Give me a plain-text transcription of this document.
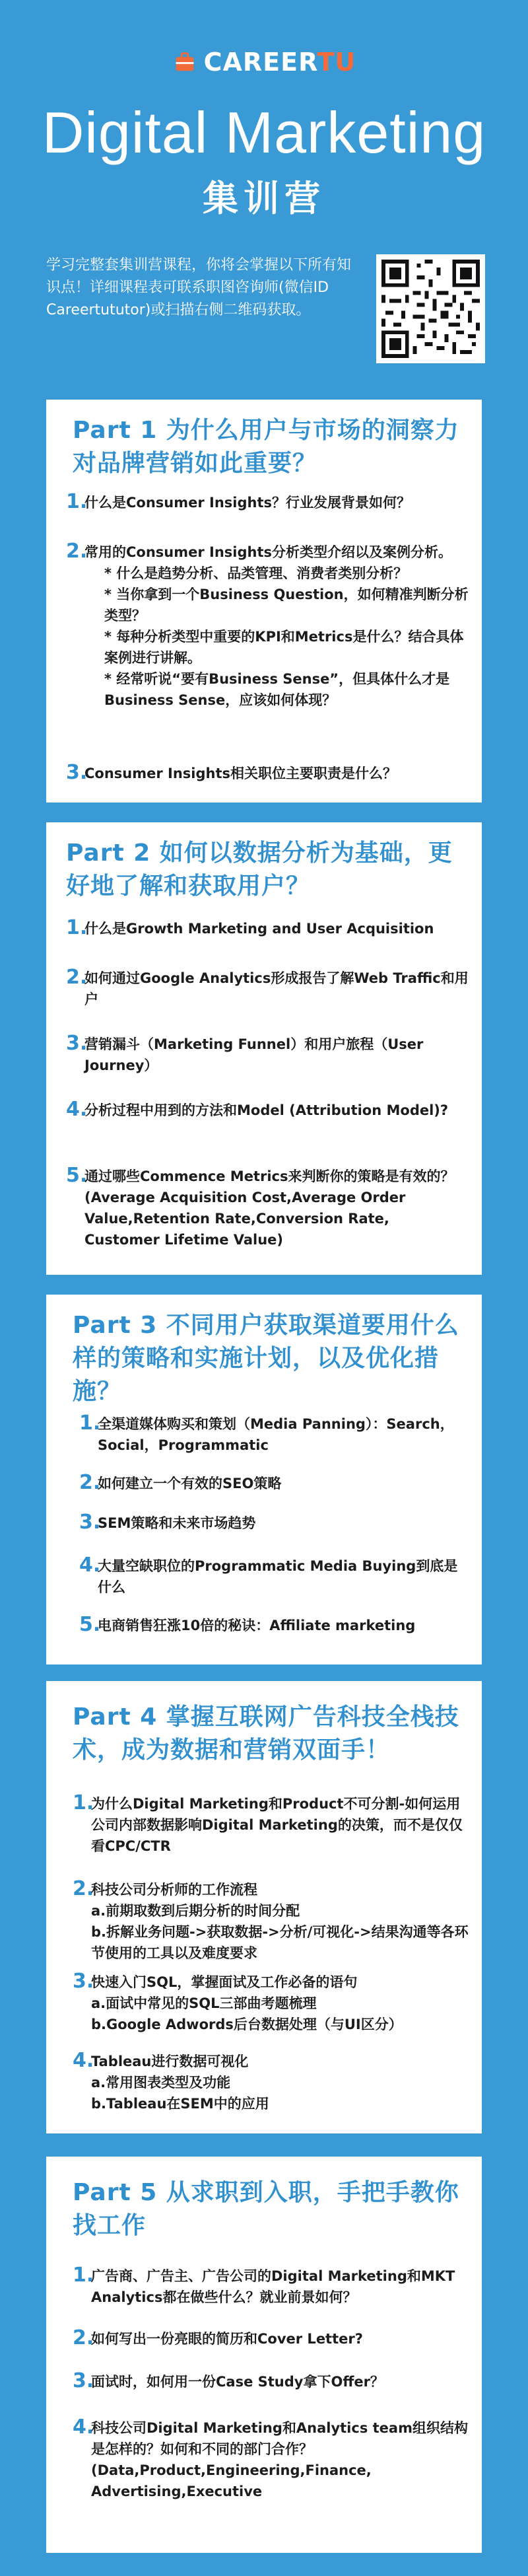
CAREERTU
Digital Marketing
集训营
学习完整套集训营课程，你将会掌握以下所有知识点！详细课程表可联系职图咨询师(微信ID Careertututor)或扫描右侧二维码获取。
Part 1 为什么用户与市场的洞察力对品牌营销如此重要？
1.
什么是Consumer Insights？行业发展背景如何？
2.
常用的Consumer Insights分析类型介绍以及案例分析。
* 什么是趋势分析、品类管理、消费者类别分析？
* 当你拿到一个Business Question，如何精准判断分析类型？
* 每种分析类型中重要的KPI和Metrics是什么？结合具体案例进行讲解。
* 经常听说“要有Business Sense”，但具体什么才是Business Sense，应该如何体现？
3.
Consumer Insights相关职位主要职责是什么？
Part 2 如何以数据分析为基础，更好地了解和获取用户？
1.
什么是Growth Marketing and User Acquisition
2.
如何通过Google Analytics形成报告了解Web Traffic和用户
3.
营销漏斗（Marketing Funnel）和用户旅程（User Journey）
4.
分析过程中用到的方法和Model (Attribution Model)?
5.
通过哪些Commence Metrics来判断你的策略是有效的？(Average Acquisition Cost,Average Order Value,Retention Rate,Conversion Rate, Customer Lifetime Value)
Part 3 不同用户获取渠道要用什么样的策略和实施计划，以及优化措施？
1.
全渠道媒体购买和策划（Media Panning）：Search，Social，Programmatic
2.
如何建立一个有效的SEO策略
3.
SEM策略和未来市场趋势
4.
大量空缺职位的Programmatic Media Buying到底是什么
5.
电商销售狂涨10倍的秘诀：Affiliate marketing
Part 4 掌握互联网广告科技全栈技术，成为数据和营销双面手！
1.
为什么Digital Marketing和Product不可分割-如何运用公司内部数据影响Digital Marketing的决策，而不是仅仅看CPC/CTR
2.
科技公司分析师的工作流程
a.前期取数到后期分析的时间分配
b.拆解业务问题->获取数据->分析/可视化->结果沟通等各环节使用的工具以及难度要求
3.
快速入门SQL，掌握面试及工作必备的语句
a.面试中常见的SQL三部曲考题梳理
b.Google Adwords后台数据处理（与UI区分）
4.
Tableau进行数据可视化
a.常用图表类型及功能
b.Tableau在SEM中的应用
Part 5 从求职到入职，手把手教你找工作
1.
广告商、广告主、广告公司的Digital Marketing和MKT Analytics都在做些什么？就业前景如何？
2.
如何写出一份亮眼的简历和Cover Letter?
3.
面试时，如何用一份Case Study拿下Offer？
4.
科技公司Digital Marketing和Analytics team组织结构是怎样的？如何和不同的部门合作？(Data,Product,Engineering,Finance, Advertising,Executive
